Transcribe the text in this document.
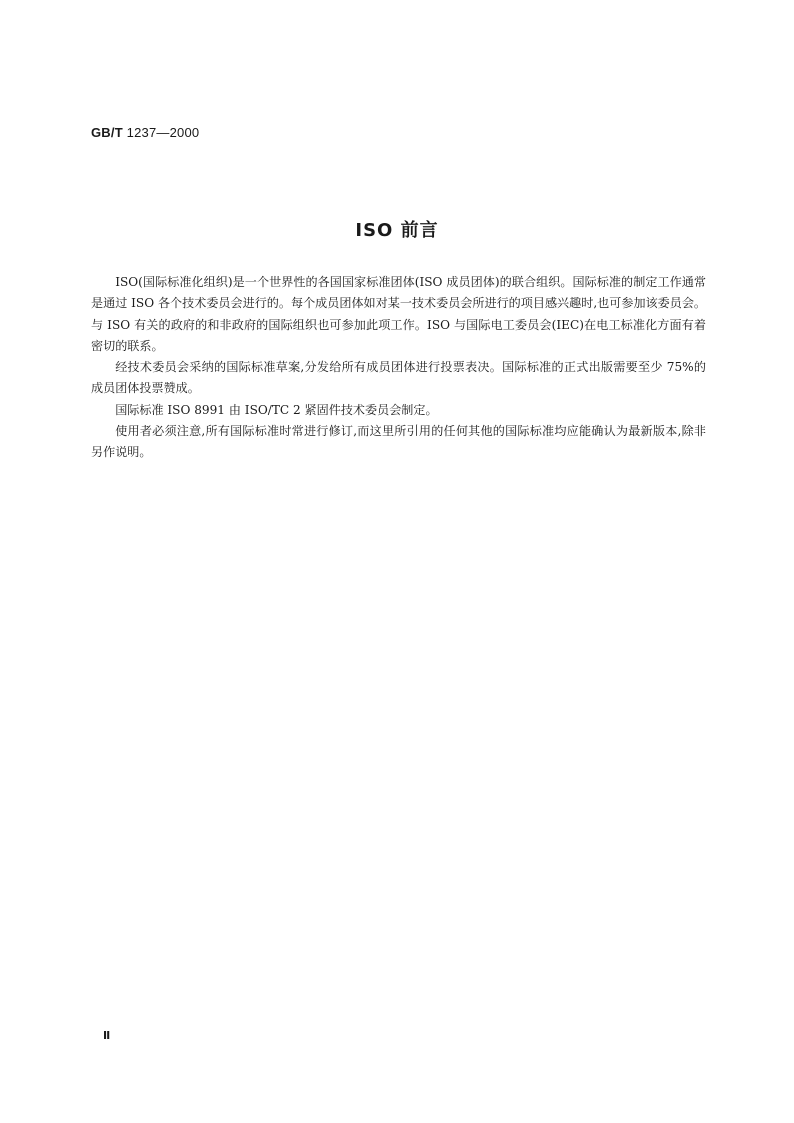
GB/T 1237—2000
ISO 前言

ISO(国际标准化组织)是一个世界性的各国国家标准团体(ISO 成员团体)的联合组织。国际标准的制定工作通常是通过 ISO 各个技术委员会进行的。每个成员团体如对某一技术委员会所进行的项目感兴趣时,也可参加该委员会。与 ISO 有关的政府的和非政府的国际组织也可参加此项工作。ISO 与国际电工委员会(IEC)在电工标准化方面有着密切的联系。

经技术委员会采纳的国际标准草案,分发给所有成员团体进行投票表决。国际标准的正式出版需要至少 75%的成员团体投票赞成。

国际标准 ISO 8991 由 ISO/TC 2 紧固件技术委员会制定。

使用者必须注意,所有国际标准时常进行修订,而这里所引用的任何其他的国际标准均应能确认为最新版本,除非另作说明。

Ⅱ
